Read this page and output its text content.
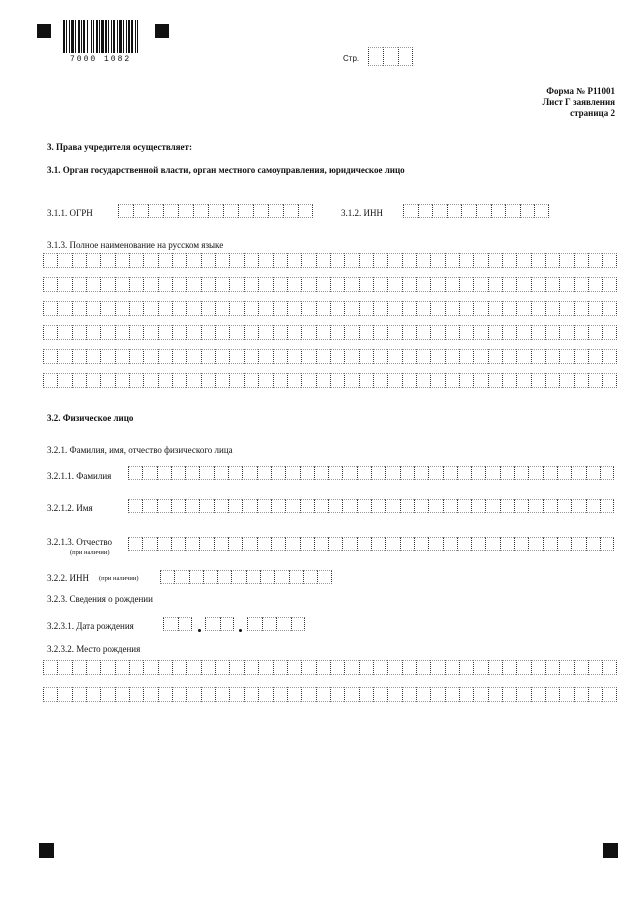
7000 1082	Стр.
Форма № Р11001
Лист Г заявления
страница 2
3. Права учредителя осуществляет:
3.1. Орган государственной власти, орган местного самоуправления, юридическое лицо
3.1.1. ОГРН	3.1.2. ИНН
3.1.3. Полное наименование на русском языке
3.2. Физическое лицо
3.2.1. Фамилия, имя, отчество физического лица
3.2.1.1. Фамилия
3.2.1.2. Имя
3.2.1.3. Отчество
(при наличии)
3.2.2. ИНН (при наличии)
3.2.3. Сведения о рождении
3.2.3.1. Дата рождения
3.2.3.2. Место рождения
